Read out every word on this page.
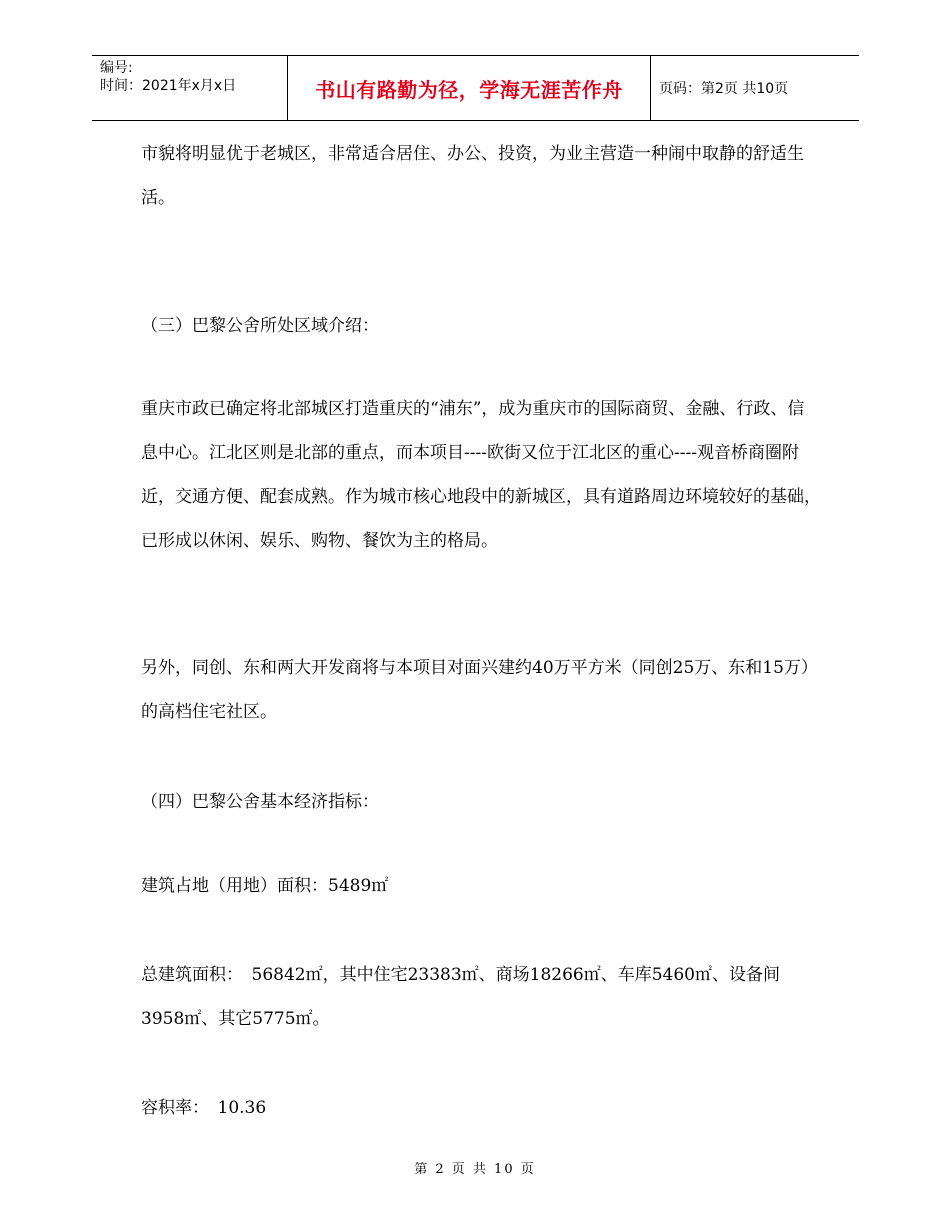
编号:
时间：2021年x月x日	书山有路勤为径，学海无涯苦作舟	页码：第2页 共10页

市貌将明显优于老城区，非常适合居住、办公、投资，为业主营造一种闹中取静的舒适生活。

（三）巴黎公舍所处区域介绍：

重庆市政已确定将北部城区打造重庆的“浦东”，成为重庆市的国际商贸、金融、行政、信息中心。江北区则是北部的重点，而本项目----欧街又位于江北区的重心----观音桥商圈附近，交通方便、配套成熟。作为城市核心地段中的新城区，具有道路周边环境较好的基础，已形成以休闲、娱乐、购物、餐饮为主的格局。

另外，同创、东和两大开发商将与本项目对面兴建约40万平方米（同创25万、东和15万）的高档住宅社区。

（四）巴黎公舍基本经济指标：

建筑占地（用地）面积：5489㎡

总建筑面积：　56842㎡，其中住宅23383㎡、商场18266㎡、车库5460㎡、设备间3958㎡、其它5775㎡。

容积率：　10.36

第 2 页 共 10 页
